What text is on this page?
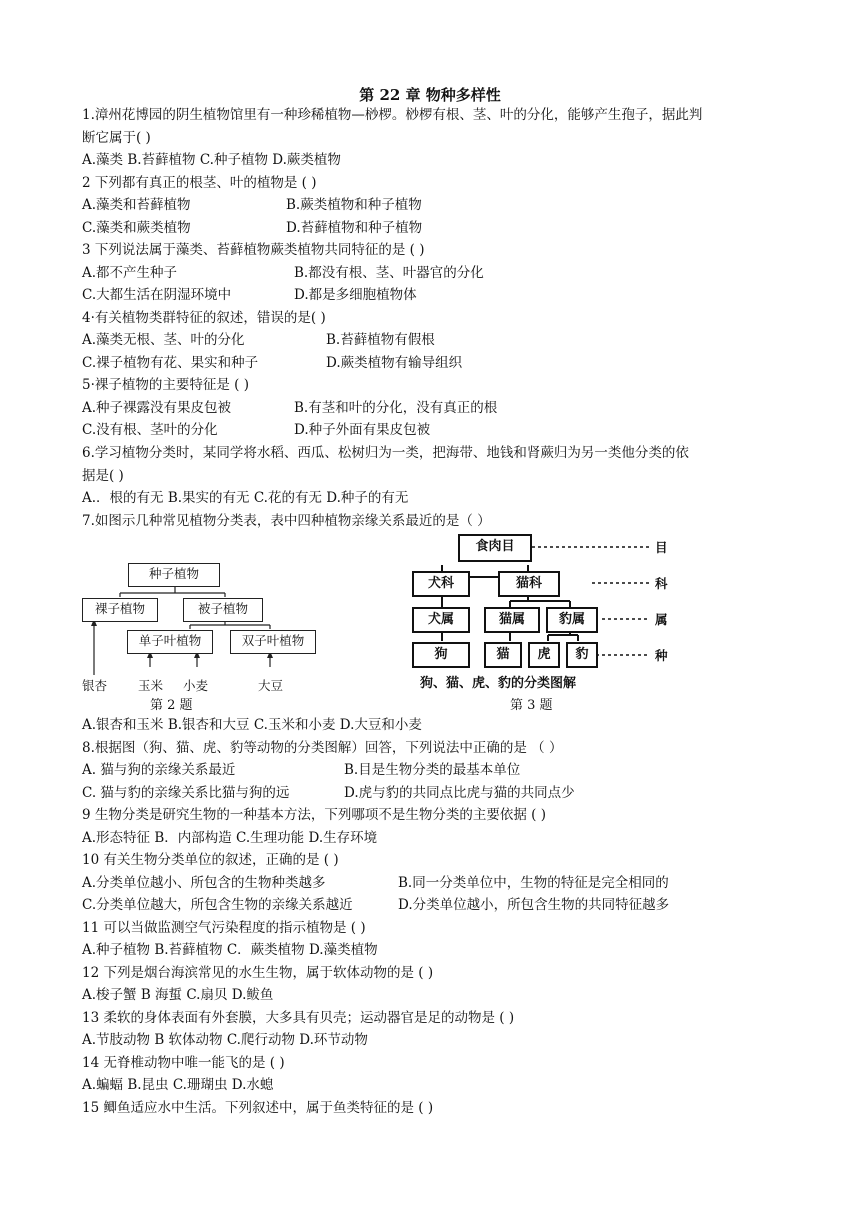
第 22 章 物种多样性
1.漳州花博园的阴生植物馆里有一种珍稀植物—桫椤。桫椤有根、茎、叶的分化，能够产生孢子，据此判
断它属于( )
A.藻类 B.苔藓植物 C.种子植物 D.蕨类植物
2 下列都有真正的根茎、叶的植物是 ( )
A.藻类和苔藓植物	B.蕨类植物和种子植物
C.藻类和蕨类植物	D.苔藓植物和种子植物
3 下列说法属于藻类、苔藓植物蕨类植物共同特征的是 ( )
A.都不产生种子	B.都没有根、茎、叶器官的分化
C.大都生活在阴湿环境中	D.都是多细胞植物体
4·有关植物类群特征的叙述，错误的是( )
A.藻类无根、茎、叶的分化	B.苔藓植物有假根
C.裸子植物有花、果实和种子	D.蕨类植物有输导组织
5·裸子植物的主要特征是 ( )
A.种子裸露没有果皮包被	B.有茎和叶的分化，没有真正的根
C.没有根、茎叶的分化	D.种子外面有果皮包被
6.学习植物分类时，某同学将水稻、西瓜、松树归为一类，把海带、地钱和肾蕨归为另一类他分类的依
据是( )
A.．根的有无 B.果实的有无 C.花的有无 D.种子的有无
7.如图示几种常见植物分类表，表中四种植物亲缘关系最近的是（ ）
种子植物
裸子植物	被子植物
单子叶植物	双子叶植物
银杏 玉米 小麦	大豆
第 2 题
食肉目
犬科	猫科
犬属	猫属	豹属
狗	猫	虎	豹
目
科
属
种
狗、猫、虎、豹的分类图解
第 3 题
A.银杏和玉米 B.银杏和大豆 C.玉米和小麦 D.大豆和小麦
8.根据图（狗、猫、虎、豹等动物的分类图解）回答，下列说法中正确的是 （ ）
A. 猫与狗的亲缘关系最近	B.目是生物分类的最基本单位
C. 猫与豹的亲缘关系比猫与狗的远	D.虎与豹的共同点比虎与猫的共同点少
9 生物分类是研究生物的一种基本方法，下列哪项不是生物分类的主要依据 ( )
A.形态特征 B．内部构造 C.生理功能 D.生存环境
10 有关生物分类单位的叙述，正确的是 ( )
A.分类单位越小、所包含的生物种类越多	B.同一分类单位中，生物的特征是完全相同的
C.分类单位越大，所包含生物的亲缘关系越近	D.分类单位越小，所包含生物的共同特征越多
11 可以当做监测空气污染程度的指示植物是 ( )
A.种子植物 B.苔藓植物 C．蕨类植物 D.藻类植物
12 下列是烟台海滨常见的水生生物，属于软体动物的是 ( )
A.梭子蟹 B 海蜇 C.扇贝 D.鲅鱼
13 柔软的身体表面有外套膜，大多具有贝壳；运动器官是足的动物是 ( )
A.节肢动物 B 软体动物 C.爬行动物 D.环节动物
14 无脊椎动物中唯一能飞的是 ( )
A.蝙蝠 B.昆虫 C.珊瑚虫 D.水螅
15 鲫鱼适应水中生活。下列叙述中，属于鱼类特征的是 ( )
